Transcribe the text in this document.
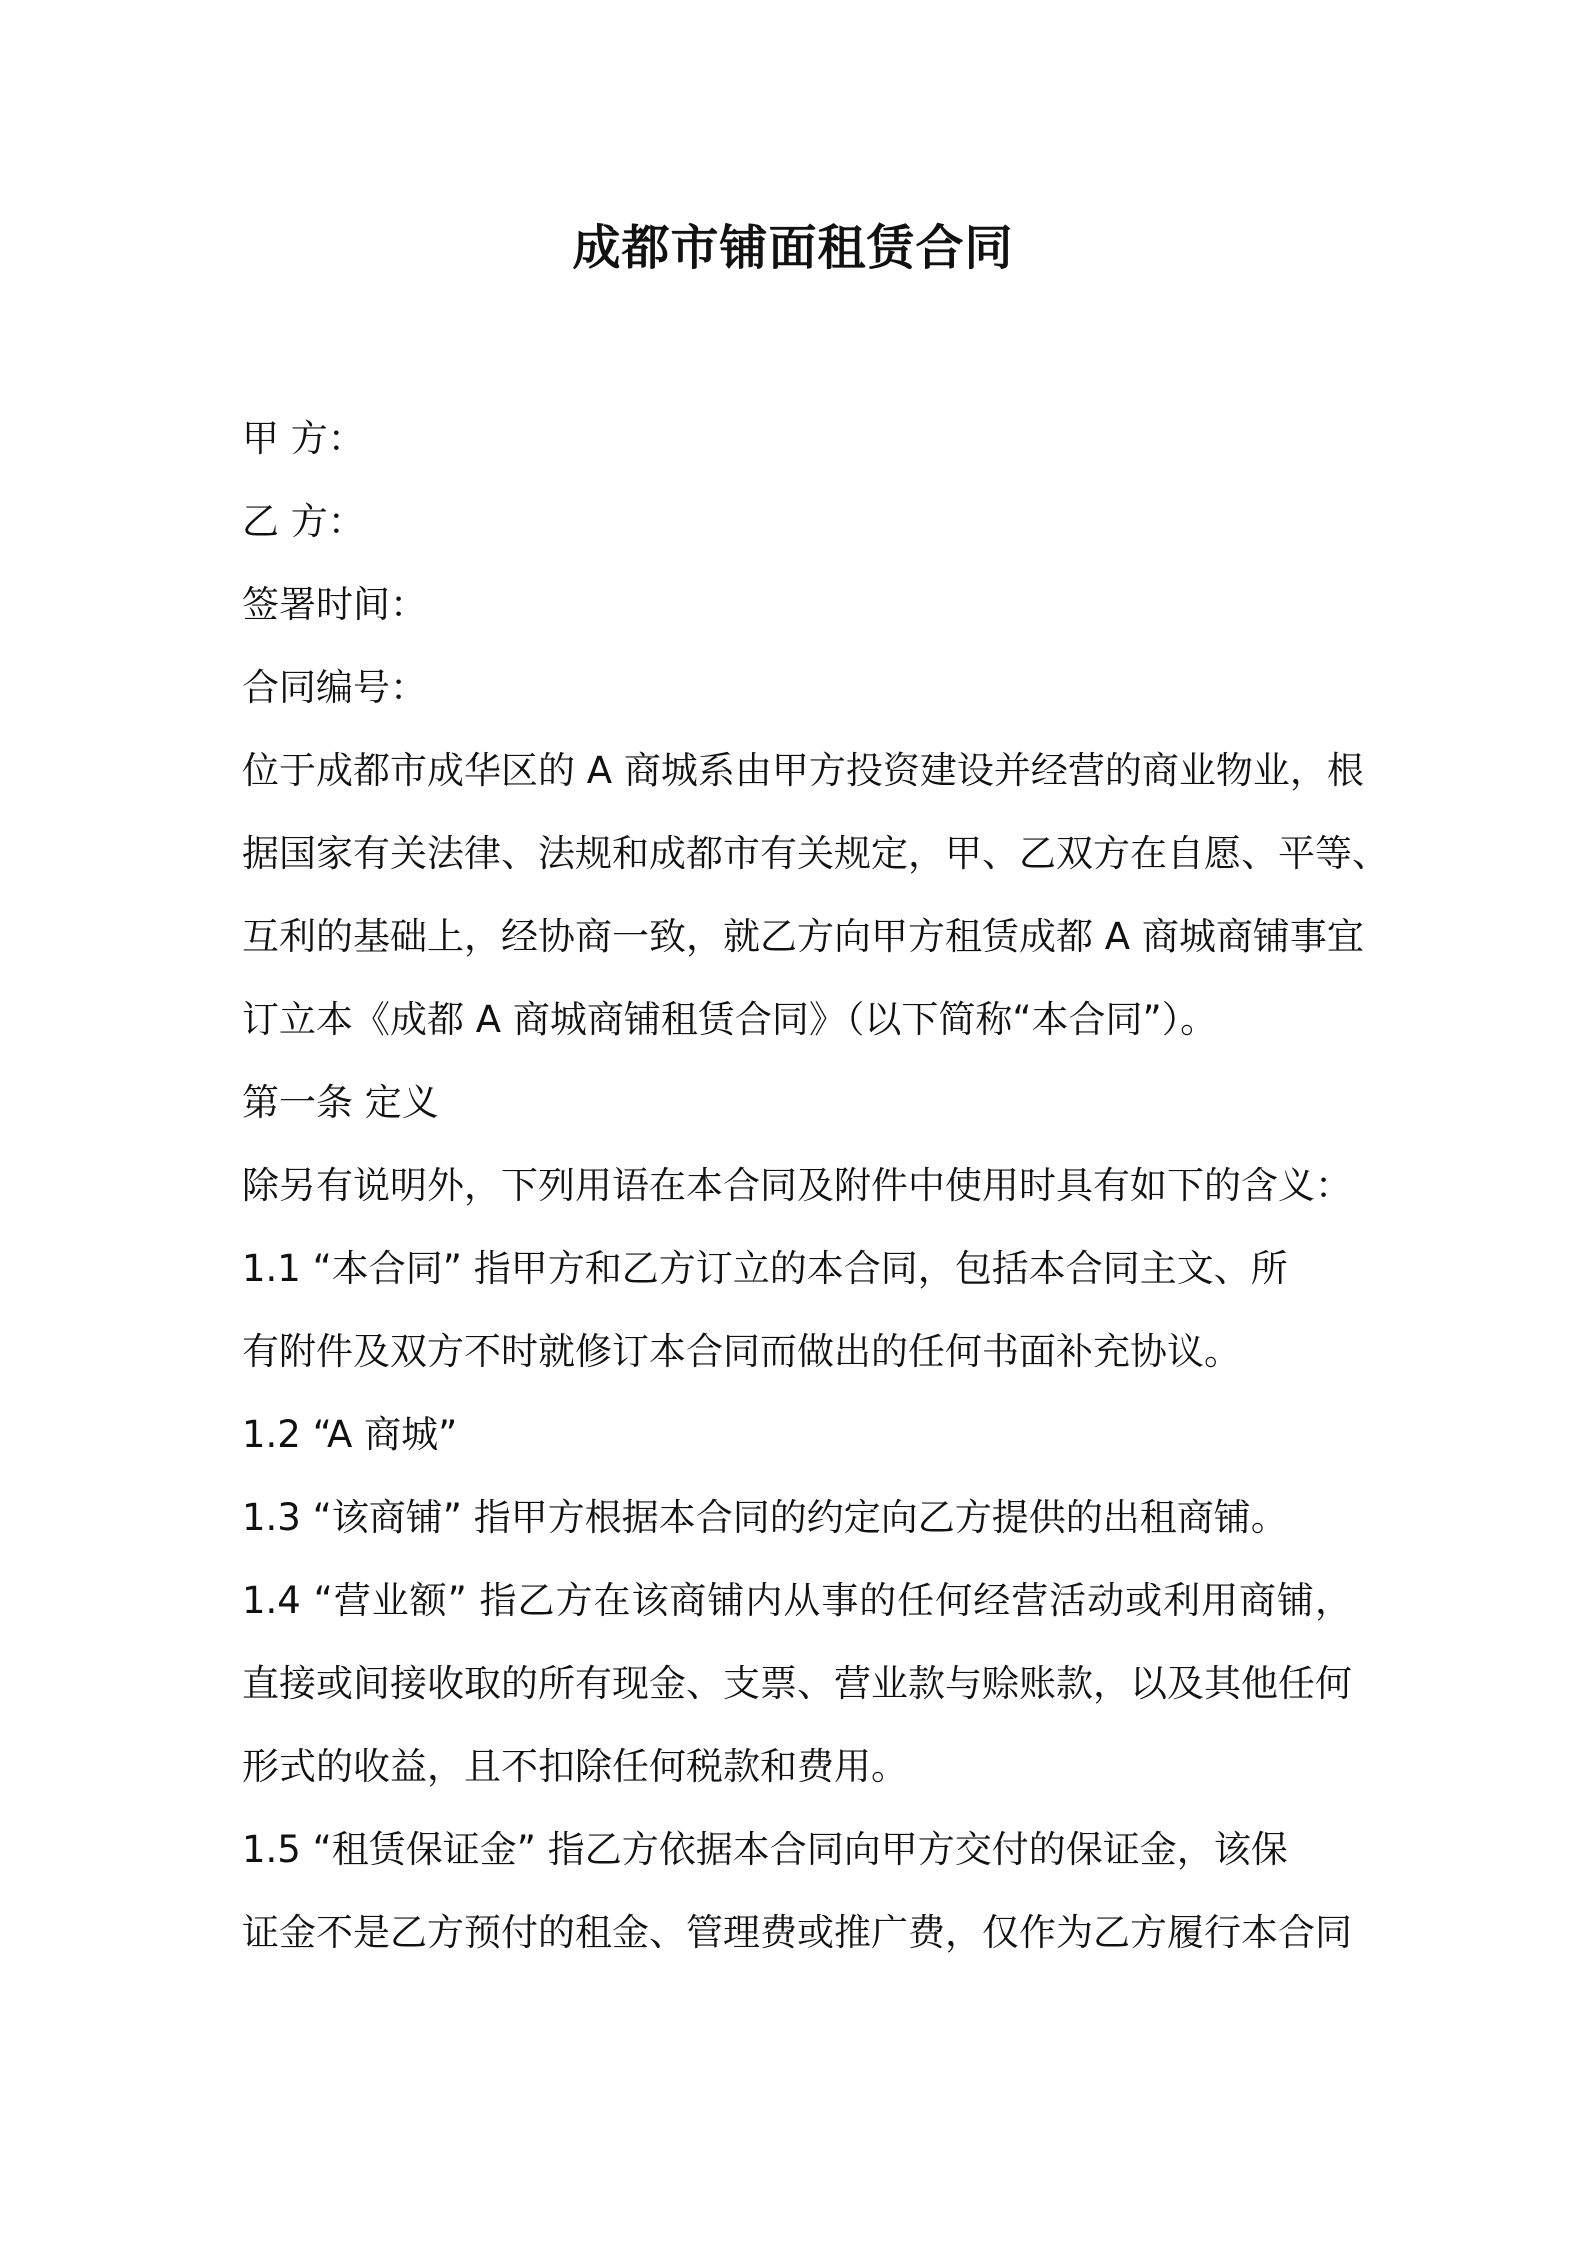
成都市铺面租赁合同
甲 方：
乙 方：
签署时间：
合同编号：
位于成都市成华区的 A 商城系由甲方投资建设并经营的商业物业，根
据国家有关法律、法规和成都市有关规定，甲、乙双方在自愿、平等、
互利的基础上，经协商一致，就乙方向甲方租赁成都 A 商城商铺事宜
订立本《成都 A 商城商铺租赁合同》（以下简称“本合同”）。
第一条 定义
除另有说明外，下列用语在本合同及附件中使用时具有如下的含义：
1.1 “本合同” 指甲方和乙方订立的本合同，包括本合同主文、所
有附件及双方不时就修订本合同而做出的任何书面补充协议。
1.2 “A 商城”
1.3 “该商铺” 指甲方根据本合同的约定向乙方提供的出租商铺。
1.4 “营业额” 指乙方在该商铺内从事的任何经营活动或利用商铺，
直接或间接收取的所有现金、支票、营业款与赊账款，以及其他任何
形式的收益，且不扣除任何税款和费用。
1.5 “租赁保证金” 指乙方依据本合同向甲方交付的保证金，该保
证金不是乙方预付的租金、管理费或推广费，仅作为乙方履行本合同
